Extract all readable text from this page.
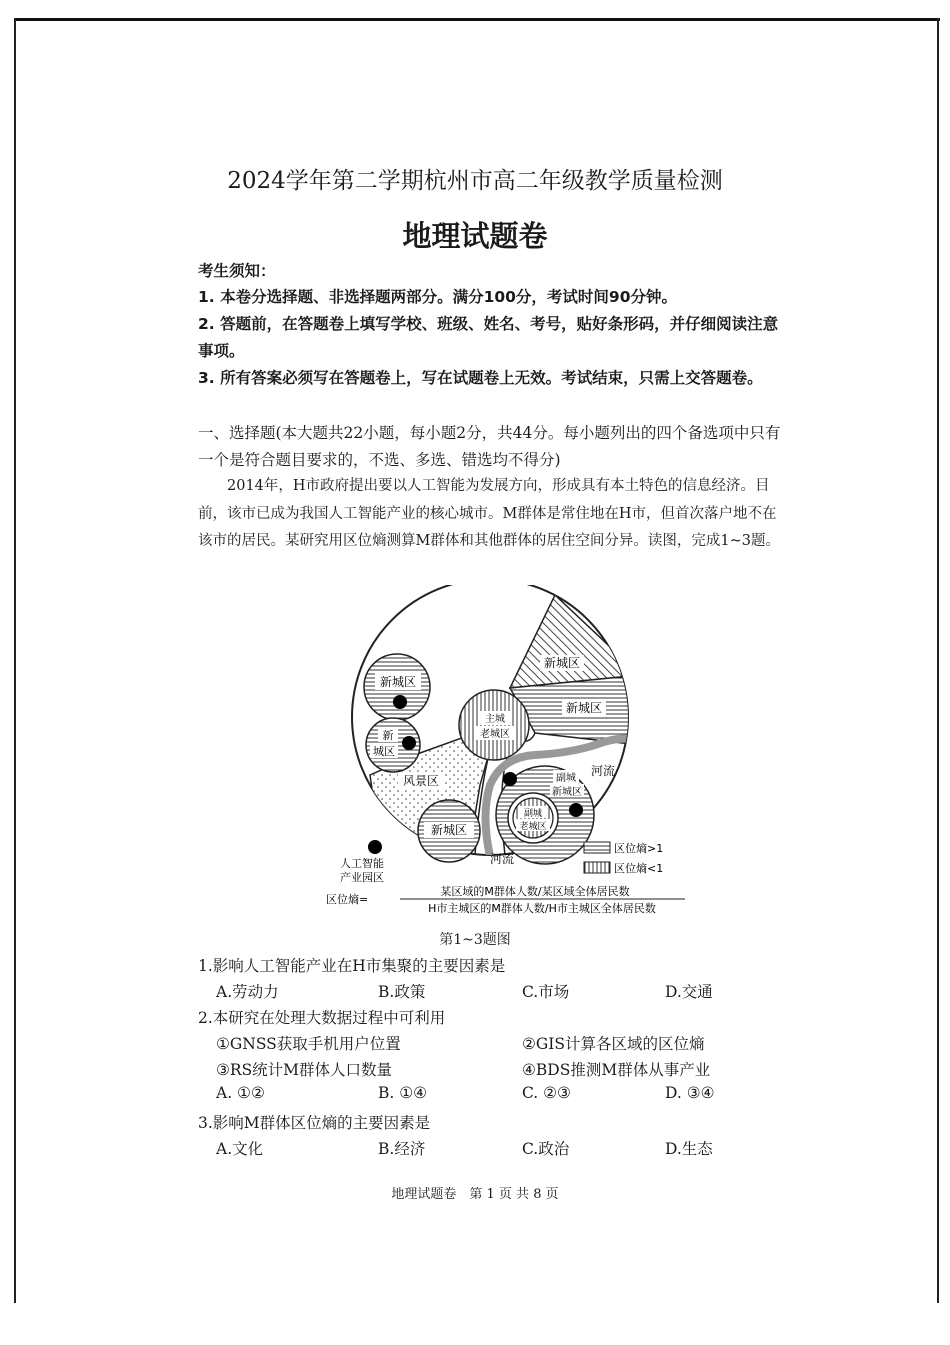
2024学年第二学期杭州市高二年级教学质量检测
地理试题卷
考生须知：
1. 本卷分选择题、非选择题两部分。满分100分，考试时间90分钟。
2. 答题前，在答题卷上填写学校、班级、姓名、考号，贴好条形码，并仔细阅读注意事项。
3. 所有答案必须写在答题卷上，写在试题卷上无效。考试结束，只需上交答题卷。
一、选择题(本大题共22小题，每小题2分，共44分。每小题列出的四个备选项中只有一个是符合题目要求的，不选、多选、错选均不得分)
2014年，H市政府提出要以人工智能为发展方向，形成具有本土特色的信息经济。目前，该市已成为我国人工智能产业的核心城市。M群体是常住地在H市，但首次落户地不在该市的居民。某研究用区位熵测算M群体和其他群体的居住空间分异。读图，完成1~3题。
新城区
新
城区
主城
老城区
新城区
副城
老城区
副城
新城区
新城区
新城区
风景区
河流
河流
人工智能
产业园区
区位熵>1
区位熵<1
区位熵=
某区域的M群体人数/某区域全体居民数
H市主城区的M群体人数/H市主城区全体居民数
第1~3题图
1.影响人工智能产业在H市集聚的主要因素是
A.劳动力	B.政策	C.市场	D.交通
2.本研究在处理大数据过程中可利用
①GNSS获取手机用户位置	②GIS计算各区域的区位熵
③RS统计M群体人口数量	④BDS推测M群体从事产业
A. ①②	B. ①④	C. ②③	D. ③④
3.影响M群体区位熵的主要因素是
A.文化	B.经济	C.政治	D.生态
地理试题卷　第 1 页 共 8 页
